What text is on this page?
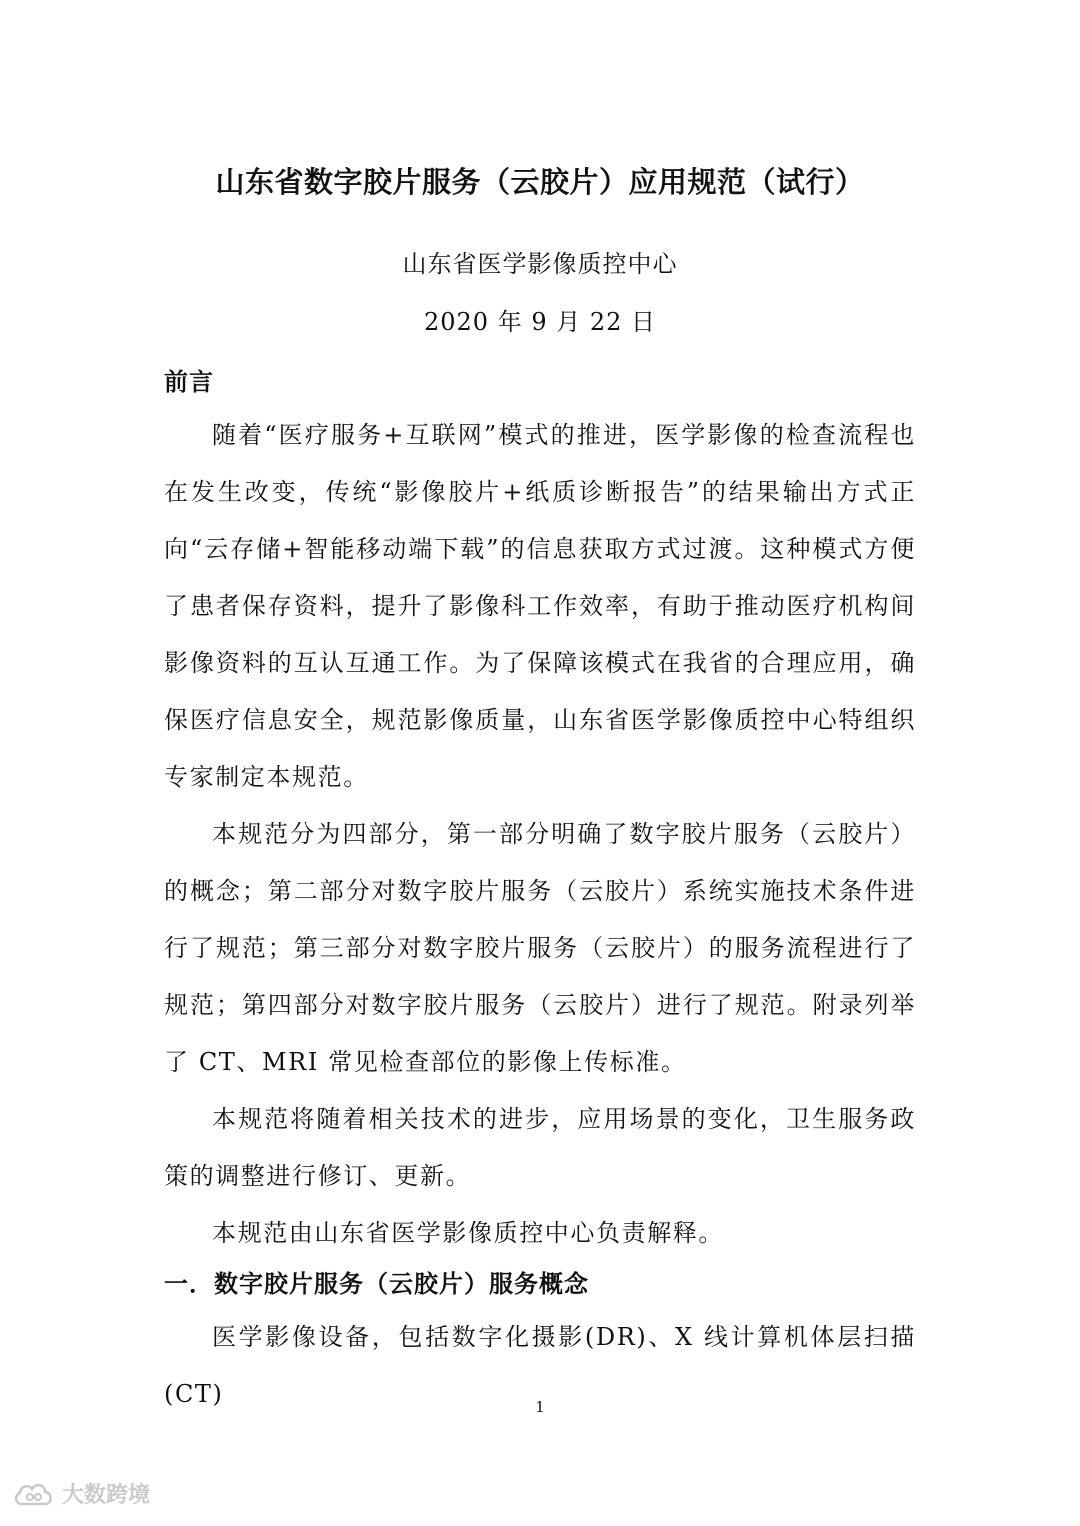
山东省数字胶片服务（云胶片）应用规范（试行）
山东省医学影像质控中心
2020 年 9 月 22 日
前言

随着“医疗服务+互联网”模式的推进，医学影像的检查流程也在发生改变，传统“影像胶片+纸质诊断报告”的结果输出方式正向“云存储+智能移动端下载”的信息获取方式过渡。这种模式方便了患者保存资料，提升了影像科工作效率，有助于推动医疗机构间影像资料的互认互通工作。为了保障该模式在我省的合理应用，确保医疗信息安全，规范影像质量，山东省医学影像质控中心特组织专家制定本规范。

本规范分为四部分，第一部分明确了数字胶片服务（云胶片）的概念；第二部分对数字胶片服务（云胶片）系统实施技术条件进行了规范；第三部分对数字胶片服务（云胶片）的服务流程进行了规范；第四部分对数字胶片服务（云胶片）进行了规范。附录列举了 CT、MRI 常见检查部位的影像上传标准。

本规范将随着相关技术的进步，应用场景的变化，卫生服务政策的调整进行修订、更新。

本规范由山东省医学影像质控中心负责解释。

一．数字胶片服务（云胶片）服务概念

医学影像设备，包括数字化摄影(DR)、X 线计算机体层扫描(CT)	1
大数跨境
